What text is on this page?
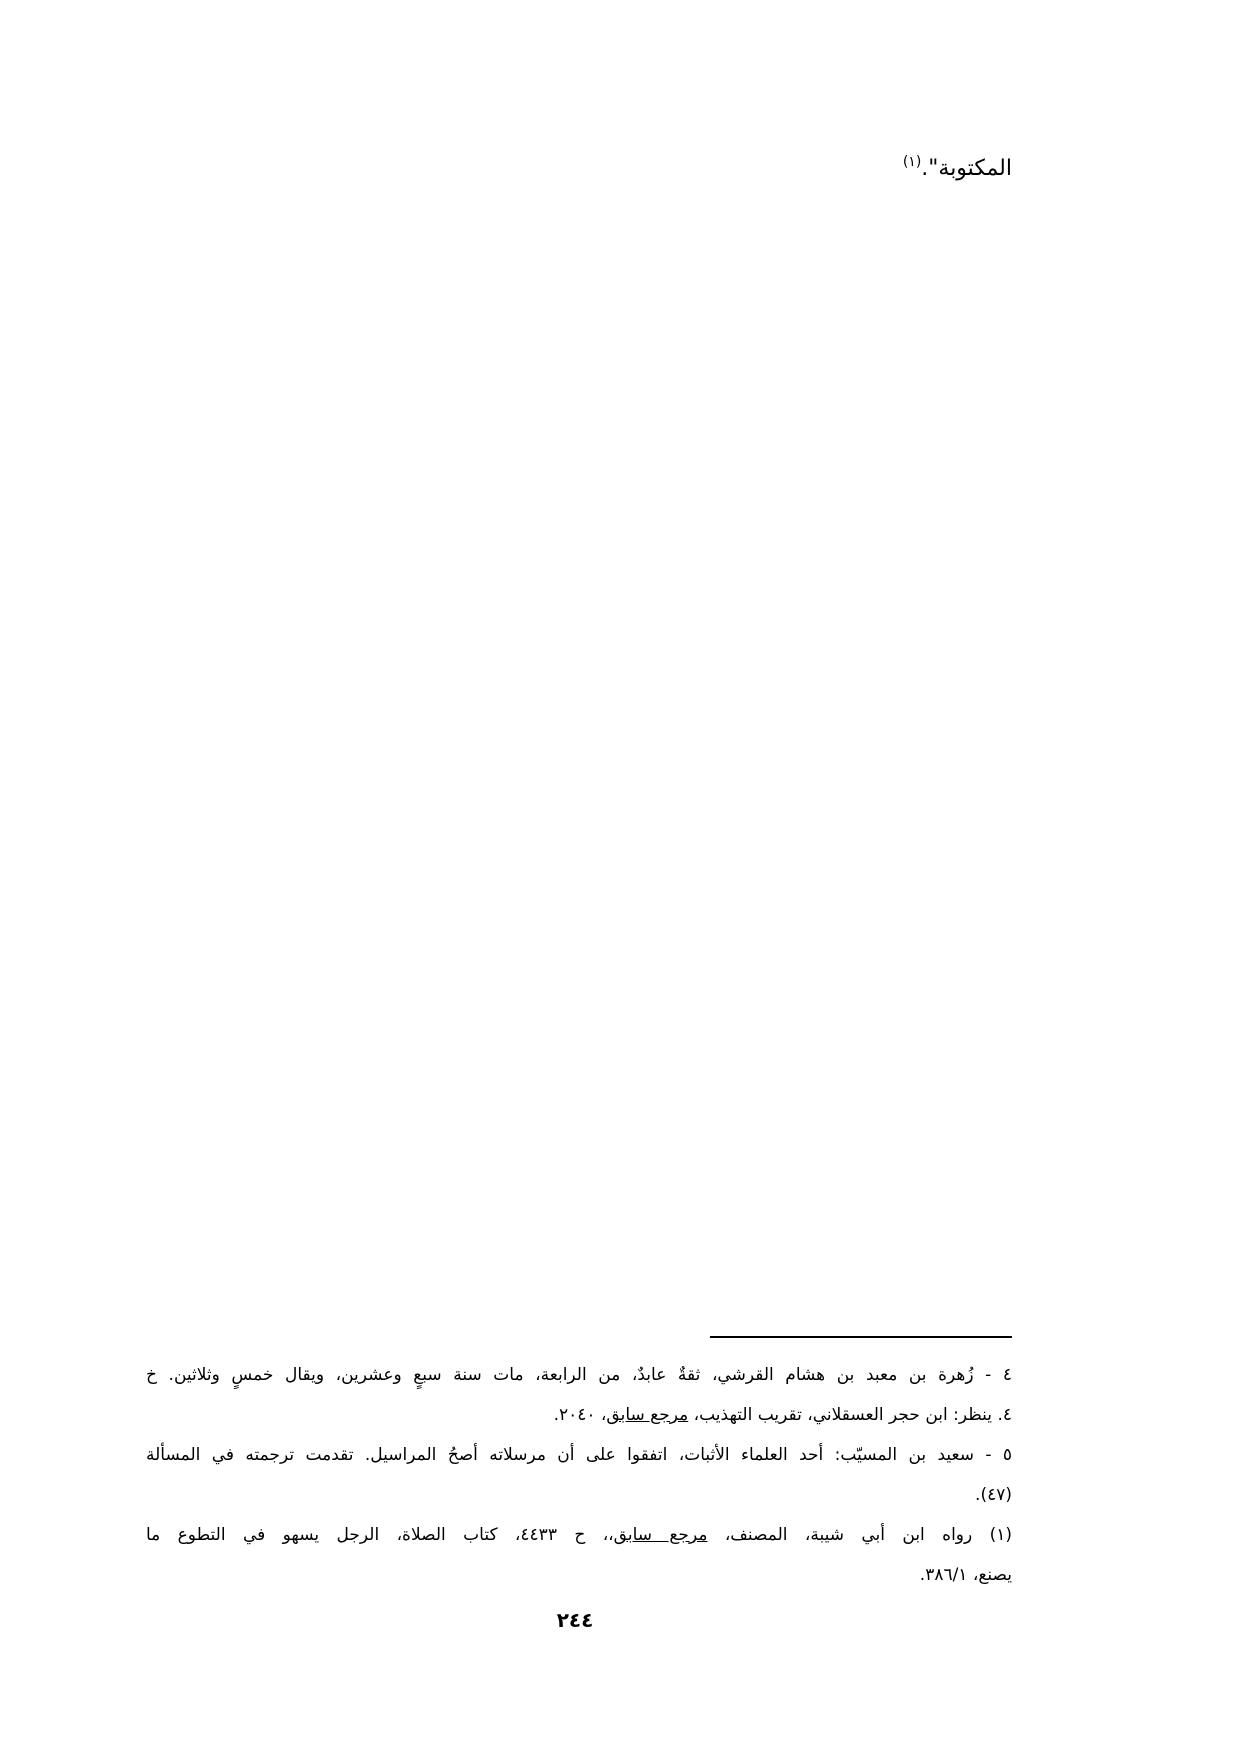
المكتوبة".$^{(١)}$
٤ - زُهرة بن معبد بن هشام القرشي، ثقةٌ عابدٌ، من الرابعة، مات سنة سبعٍ وعشرين، ويقال خمسٍ وثلاثين. خ
٤. ينظر: ابن حجر العسقلاني، تقريب التهذيب، مرجع سابق، ٢٠٤٠.
٥ - سعيد بن المسيّب: أحد العلماء الأثبات، اتفقوا على أن مرسلاته أصحُ المراسيل. تقدمت ترجمته في المسألة
(٤٧).
(١) رواه ابن أبي شيبة، المصنف، مرجع سابق،، ح ٤٤٣٣، كتاب الصلاة، الرجل يسهو في التطوع ما
يصنع، ٣٨٦/١.
٢٤٤
